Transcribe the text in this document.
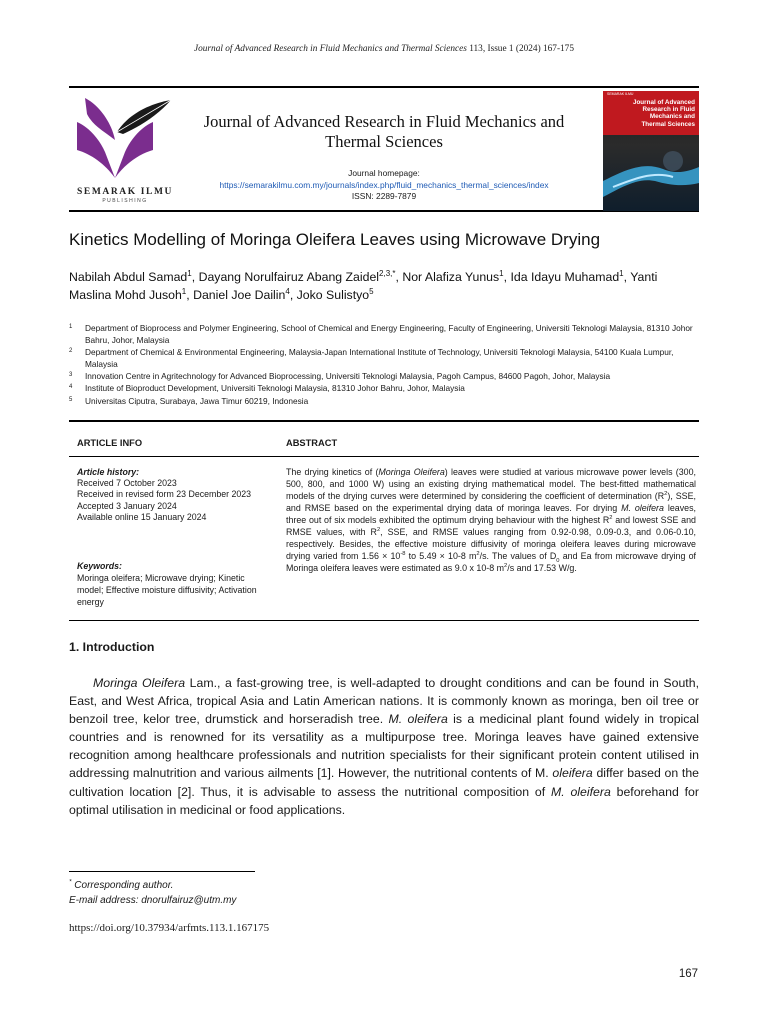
Journal of Advanced Research in Fluid Mechanics and Thermal Sciences 113, Issue 1 (2024) 167-175
SEMARAK ILMU
PUBLISHING
Journal of Advanced Research in Fluid Mechanics and Thermal Sciences
Journal homepage:
https://semarakilmu.com.my/journals/index.php/fluid_mechanics_thermal_sciences/index
ISSN: 2289-7879
SEMARAK ILMU
Journal of Advanced Research in Fluid Mechanics and Thermal Sciences
Kinetics Modelling of Moringa Oleifera Leaves using Microwave Drying
Nabilah Abdul Samad$^1$, Dayang Norulfairuz Abang Zaidel$^{2,3,*}$, Nor Alafiza Yunus$^1$, Ida Idayu Muhamad$^1$, Yanti Maslina Mohd Jusoh$^1$, Daniel Joe Dailin$^4$, Joko Sulistyo$^5$
1 Department of Bioprocess and Polymer Engineering, School of Chemical and Energy Engineering, Faculty of Engineering, Universiti Teknologi Malaysia, 81310 Johor Bahru, Johor, Malaysia
2 Department of Chemical & Environmental Engineering, Malaysia-Japan International Institute of Technology, Universiti Teknologi Malaysia, 54100 Kuala Lumpur, Malaysia
3 Innovation Centre in Agritechnology for Advanced Bioprocessing, Universiti Teknologi Malaysia, Pagoh Campus, 84600 Pagoh, Johor, Malaysia
4 Institute of Bioproduct Development, Universiti Teknologi Malaysia, 81310 Johor Bahru, Johor, Malaysia
5 Universitas Ciputra, Surabaya, Jawa Timur 60219, Indonesia
ARTICLE INFO	ABSTRACT
Article history:
Received 7 October 2023
Received in revised form 23 December 2023
Accepted 3 January 2024
Available online 15 January 2024
Keywords:
Moringa oleifera; Microwave drying; Kinetic model; Effective moisture diffusivity; Activation energy
The drying kinetics of (Moringa Oleifera) leaves were studied at various microwave power levels (300, 500, 800, and 1000 W) using an existing drying mathematical model. The best-fitted mathematical models of the drying curves were determined by considering the coefficient of determination $(R^2)$, SSE, and RMSE based on the experimental drying data of moringa leaves. For drying M. oleifera leaves, three out of six models exhibited the optimum drying behaviour with the highest $R^2$ and lowest SSE and RMSE values, with $R^2$, SSE, and RMSE values ranging from 0.92-0.98, 0.09-0.3, and 0.06-0.10, respectively. Besides, the effective moisture diffusivity of moringa oleifera leaves during microwave drying varied from $1.56 \times 10^{-8}$ to 5.49 × 10-8 $m^2/s$. The values of $D_0$ and Ea from microwave drying of Moringa oleifera leaves were estimated as 9.0 x 10-8 $m^2/s$ and 17.53 W/g.
1. Introduction
Moringa Oleifera Lam., a fast-growing tree, is well-adapted to drought conditions and can be found in South, East, and West Africa, tropical Asia and Latin American nations. It is commonly known as moringa, ben oil tree or benzoil tree, kelor tree, drumstick and horseradish tree. M. oleifera is a medicinal plant found widely in tropical countries and is renowned for its versatility as a multipurpose tree. Moringa leaves have gained extensive recognition among healthcare professionals and nutrition specialists for their significant protein content utilised in addressing malnutrition and various ailments [1]. However, the nutritional contents of M. oleifera differ based on the cultivation location [2]. Thus, it is advisable to assess the nutritional composition of M. oleifera beforehand for optimal utilisation in medicinal or food applications.
* Corresponding author.
E-mail address: dnorulfairuz@utm.my
https://doi.org/10.37934/arfmts.113.1.167175
167
